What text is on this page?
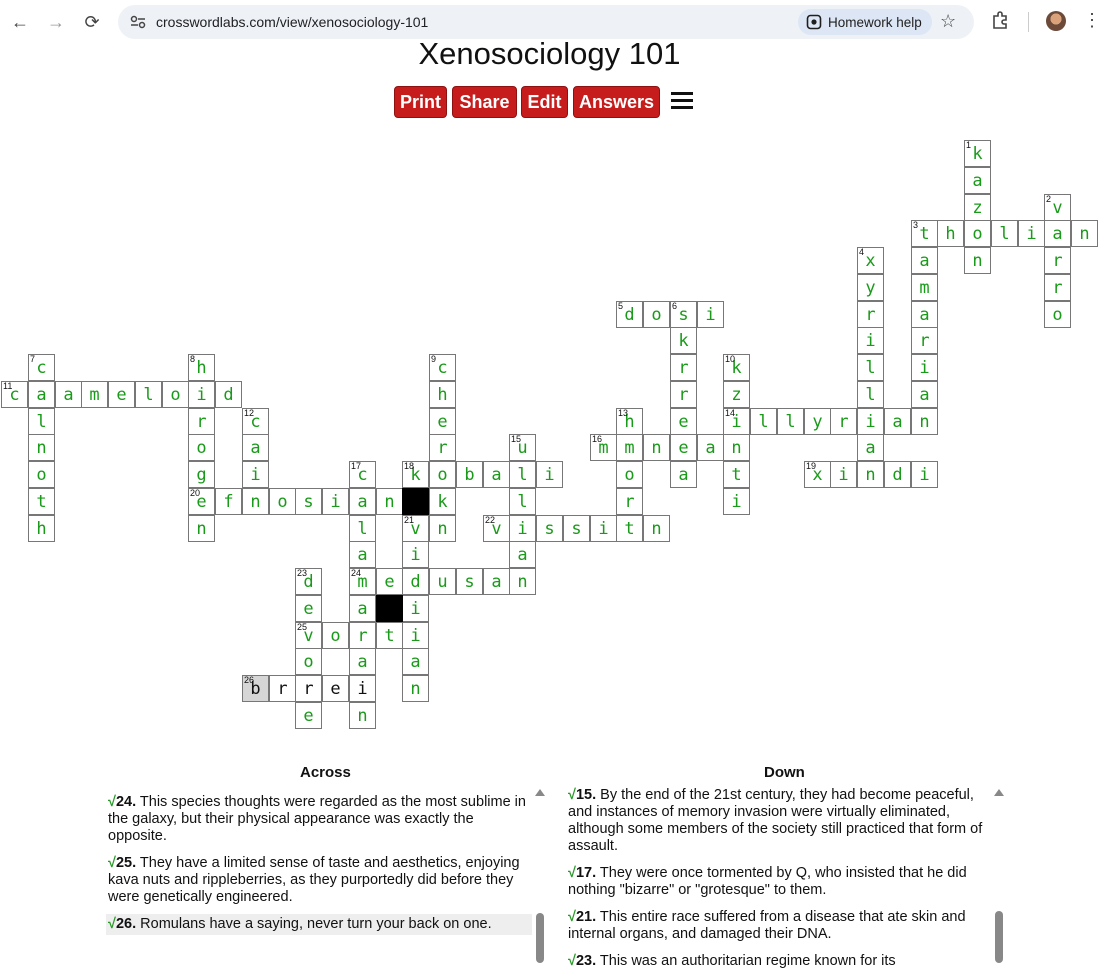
← → ⟳	crosswordlabs.com/view/xenosociology-101	Homework help ☆	⋮
Xenosociology 101
Print	Share Edit Answers
k
1
a
z
o
n
v
2
a
r
r
o
t
3	h	l i	n
a
m
a
r
i
a
n
x
4
y
r
i
l
l
i
a
n
d
5	o s
6	i
k
r
r
e
e
a
c
7
a
l
n
o
t
h
h
8
i
r
o
g
e
20
n
c
9
h
e
r
o
k
n
k
10
z
i
14
n
t
i
c
11	a m e l o	d
c
12
a
i
n
h
13
m
o
r
t
l l y r	a
u
15
l
l
i
a
n
m
16	n	a
c
17
a
l
a
m
24
a
r
a
i
n
k
18	b a	i	x
19	i	d i
f	o s i	n
v
21
i
d
i
i
a
n
v
22	s s i	n
d
23
e
v
25
o
r
e
e	u s a
o	t
b
26	r	e
Across	Down
√24. This species thoughts were regarded as the most sublime in the galaxy, but their physical appearance was exactly the opposite.
√25. They have a limited sense of taste and aesthetics, enjoying kava nuts and rippleberries, as they purportedly did before they were genetically engineered.
√26. Romulans have a saying, never turn your back on one.
√15. By the end of the 21st century, they had become peaceful, and instances of memory invasion were virtually eliminated, although some members of the society still practiced that form of assault.
√17. They were once tormented by Q, who insisted that he did nothing "bizarre" or "grotesque" to them.
√21. This entire race suffered from a disease that ate skin and internal organs, and damaged their DNA.
√23. This was an authoritarian regime known for its
